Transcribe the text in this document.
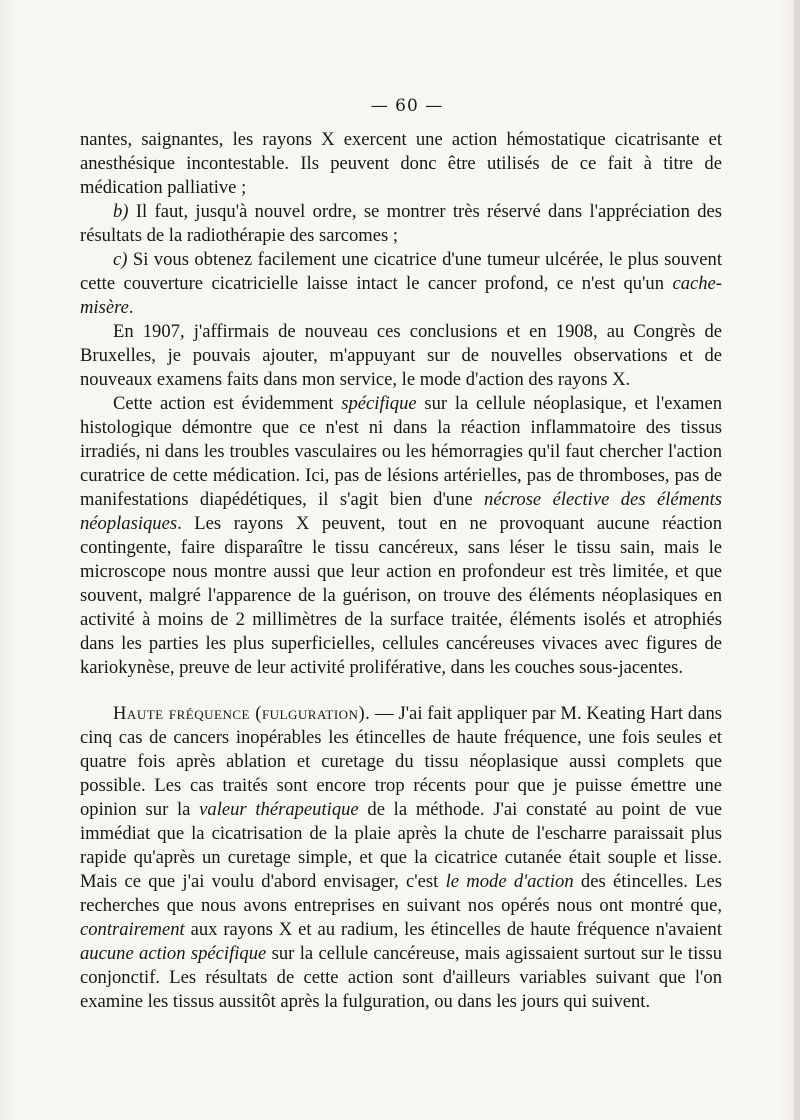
— 60 —

nantes, saignantes, les rayons X exercent une action hémostatique cicatrisante et anesthésique incontestable. Ils peuvent donc être utilisés de ce fait à titre de médication palliative ;

b) Il faut, jusqu'à nouvel ordre, se montrer très réservé dans l'appréciation des résultats de la radiothérapie des sarcomes ;

c) Si vous obtenez facilement une cicatrice d'une tumeur ulcérée, le plus souvent cette couverture cicatricielle laisse intact le cancer profond, ce n'est qu'un cache-misère.

En 1907, j'affirmais de nouveau ces conclusions et en 1908, au Congrès de Bruxelles, je pouvais ajouter, m'appuyant sur de nouvelles observations et de nouveaux examens faits dans mon service, le mode d'action des rayons X.

Cette action est évidemment spécifique sur la cellule néoplasique, et l'examen histologique démontre que ce n'est ni dans la réaction inflammatoire des tissus irradiés, ni dans les troubles vasculaires ou les hémorragies qu'il faut chercher l'action curatrice de cette médication. Ici, pas de lésions artérielles, pas de thromboses, pas de manifestations diapédétiques, il s'agit bien d'une nécrose élective des éléments néoplasiques. Les rayons X peuvent, tout en ne provoquant aucune réaction contingente, faire disparaître le tissu cancéreux, sans léser le tissu sain, mais le microscope nous montre aussi que leur action en profondeur est très limitée, et que souvent, malgré l'apparence de la guérison, on trouve des éléments néoplasiques en activité à moins de 2 millimètres de la surface traitée, éléments isolés et atrophiés dans les parties les plus superficielles, cellules cancéreuses vivaces avec figures de kariokynèse, preuve de leur activité proliférative, dans les couches sous-jacentes.

Haute fréquence (fulguration). — J'ai fait appliquer par M. Keating Hart dans cinq cas de cancers inopérables les étincelles de haute fréquence, une fois seules et quatre fois après ablation et curetage du tissu néoplasique aussi complets que possible. Les cas traités sont encore trop récents pour que je puisse émettre une opinion sur la valeur thérapeutique de la méthode. J'ai constaté au point de vue immédiat que la cicatrisation de la plaie après la chute de l'escharre paraissait plus rapide qu'après un curetage simple, et que la cicatrice cutanée était souple et lisse. Mais ce que j'ai voulu d'abord envisager, c'est le mode d'action des étincelles. Les recherches que nous avons entreprises en suivant nos opérés nous ont montré que, contrairement aux rayons X et au radium, les étincelles de haute fréquence n'avaient aucune action spécifique sur la cellule cancéreuse, mais agissaient surtout sur le tissu conjonctif. Les résultats de cette action sont d'ailleurs variables suivant que l'on examine les tissus aussitôt après la fulguration, ou dans les jours qui suivent.
